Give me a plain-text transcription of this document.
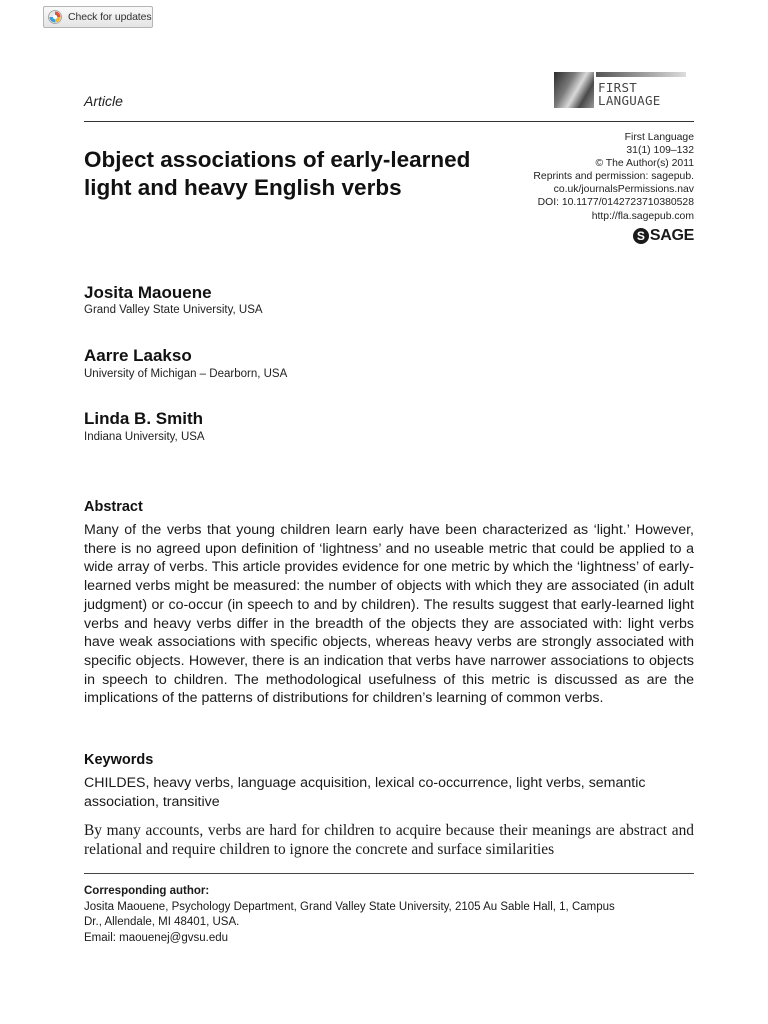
Check for updates
Article
FIRST
LANGUAGE
Object associations of early-learned light and heavy English verbs
First Language
31(1) 109–132
© The Author(s) 2011
Reprints and permission: sagepub.
co.uk/journalsPermissions.nav
DOI: 10.1177/0142723710380528
http://fla.sagepub.com
S SAGE
Josita Maouene
Grand Valley State University, USA
Aarre Laakso
University of Michigan – Dearborn, USA
Linda B. Smith
Indiana University, USA
Abstract

Many of the verbs that young children learn early have been characterized as ‘light.’ However, there is no agreed upon definition of ‘lightness’ and no useable metric that could be applied to a wide array of verbs. This article provides evidence for one metric by which the ‘lightness’ of early-learned verbs might be measured: the number of objects with which they are associated (in adult judgment) or co-occur (in speech to and by children). The results suggest that early-learned light verbs and heavy verbs differ in the breadth of the objects they are associated with: light verbs have weak associations with specific objects, whereas heavy verbs are strongly associated with specific objects. However, there is an indication that verbs have narrower associations to objects in speech to children. The methodological usefulness of this metric is discussed as are the implications of the patterns of distributions for children’s learning of common verbs.

Keywords

CHILDES, heavy verbs, language acquisition, lexical co-occurrence, light verbs, semantic association, transitive

By many accounts, verbs are hard for children to acquire because their meanings are abstract and relational and require children to ignore the concrete and surface similarities

Corresponding author:
Josita Maouene, Psychology Department, Grand Valley State University, 2105 Au Sable Hall, 1, Campus
Dr., Allendale, MI 48401, USA.
Email: maouenej@gvsu.edu
